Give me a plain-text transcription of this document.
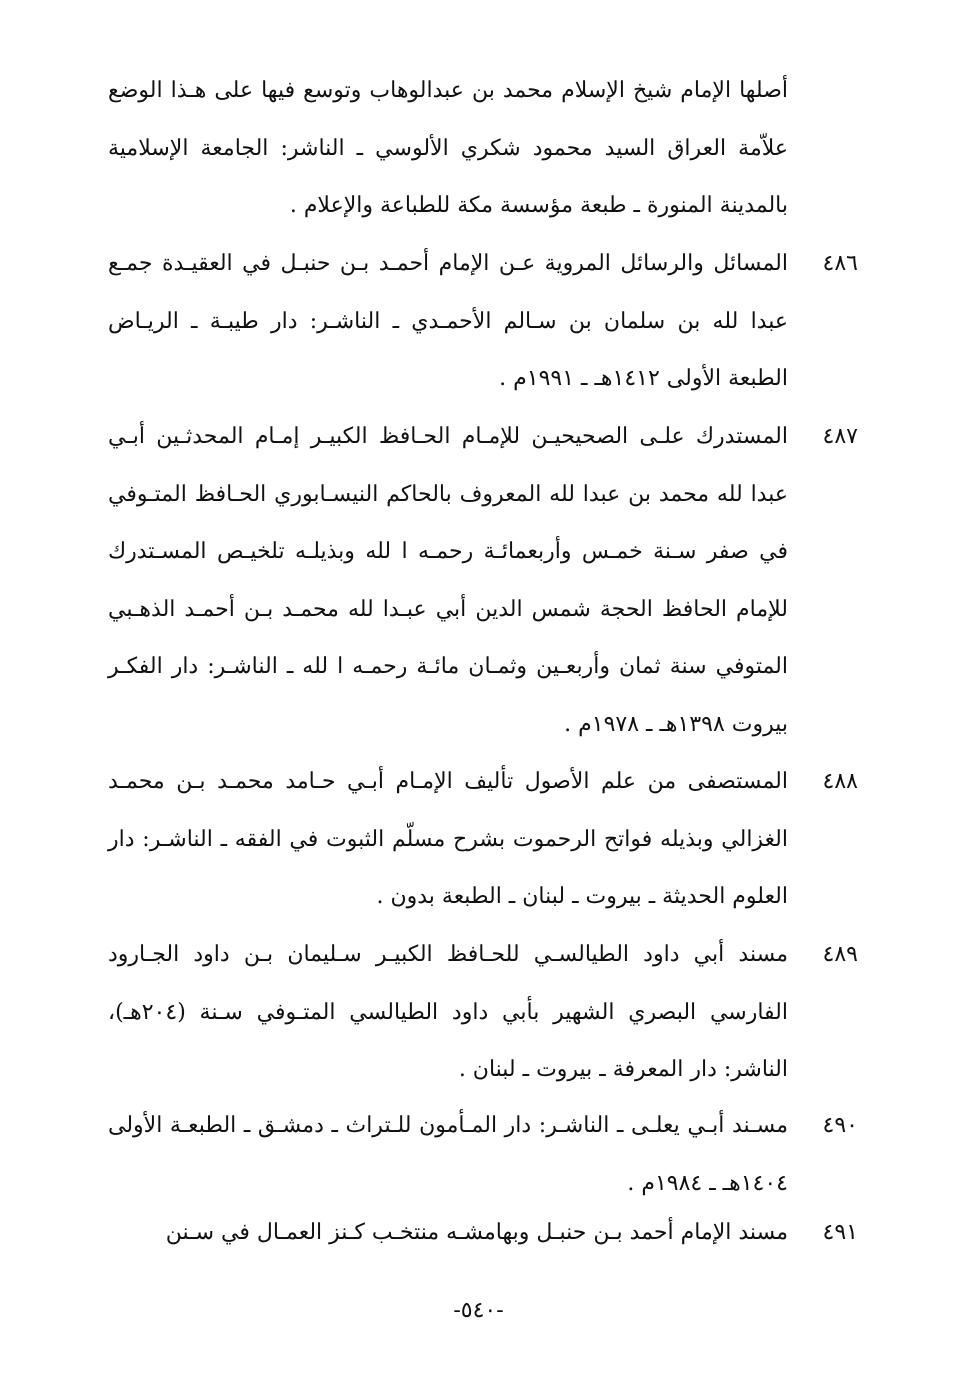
أصلها الإمام شيخ الإسلام محمد بن عبدالوهاب وتوسع فيها على هـذا الوضع علاّمة العراق السيد محمود شكري الألوسي ـ الناشر: الجامعة الإسلامية بالمدينة المنورة ـ طبعة مؤسسة مكة للطباعة والإعلام .

٤٨٦
المسائل والرسائل المروية عـن الإمام أحمـد بـن حنبـل في العقيـدة جمـع عبدا لله بن سلمان بن سـالم الأحمـدي ـ الناشـر: دار طيبـة ـ الريـاض الطبعة الأولى ١٤١٢هـ ـ ١٩٩١م .
٤٨٧
المستدرك علـى الصحيحيـن للإمـام الحـافظ الكبيـر إمـام المحدثـين أبـي عبدا لله محمد بن عبدا لله المعروف بالحاكم النيسـابوري الحـافظ المتـوفي في صفر سـنة خمـس وأربعمائـة رحمـه ا لله وبذيلـه تلخيـص المسـتدرك للإمام الحافظ الحجة شمس الدين أبي عبـدا لله محمـد بـن أحمـد الذهـبي المتوفي سنة ثمان وأربعـين وثمـان مائـة رحمـه ا لله ـ الناشـر: دار الفكـر بيروت ١٣٩٨هـ ـ ١٩٧٨م .
٤٨٨
المستصفى من علم الأصول تأليف الإمـام أبـي حـامد محمـد بـن محمـد الغزالي وبذيله فواتح الرحموت بشرح مسلّم الثبوت في الفقه ـ الناشـر: دار العلوم الحديثة ـ بيروت ـ لبنان ـ الطبعة بدون .
٤٨٩
مسند أبي داود الطيالسـي للحـافظ الكبيـر سـليمان بـن داود الجـارود الفارسي البصري الشهير بأبي داود الطيالسي المتـوفي سـنة (٢٠٤هـ)، الناشر: دار المعرفة ـ بيروت ـ لبنان .
٤٩٠
مسـند أبـي يعلـى ـ الناشـر: دار المـأمون للـتراث ـ دمشـق ـ الطبعـة الأولى ١٤٠٤هـ ـ ١٩٨٤م .
٤٩١
مسند الإمام أحمد بـن حنبـل وبهامشـه منتخـب كـنز العمـال في سـنن
-٥٤٠-
